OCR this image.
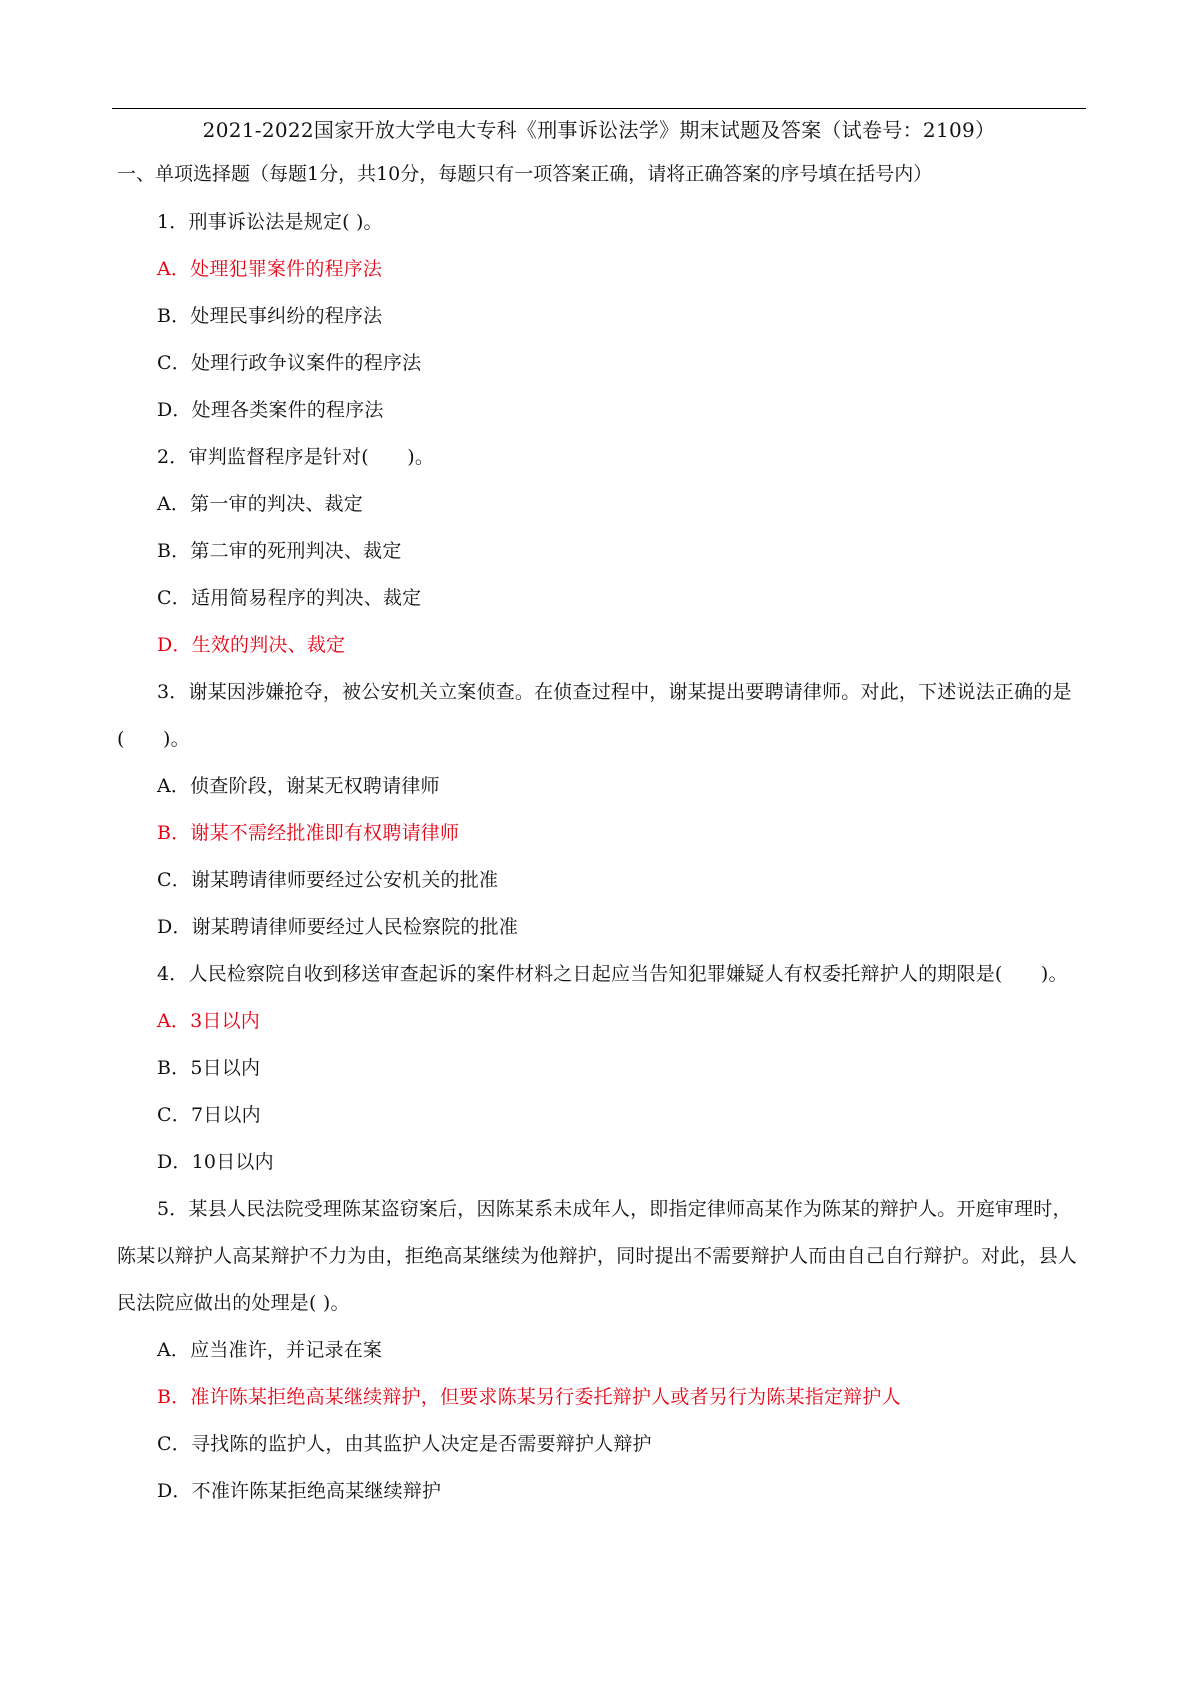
2021-2022国家开放大学电大专科《刑事诉讼法学》期末试题及答案（试卷号：2109）
一、单项选择题（每题1分，共10分，每题只有一项答案正确，请将正确答案的序号填在括号内）

1．刑事诉讼法是规定( )。

A．处理犯罪案件的程序法

B．处理民事纠纷的程序法

C．处理行政争议案件的程序法

D．处理各类案件的程序法

2．审判监督程序是针对(　　)。

A．第一审的判决、裁定

B．第二审的死刑判决、裁定

C．适用简易程序的判决、裁定

D．生效的判决、裁定

3．谢某因涉嫌抢夺，被公安机关立案侦查。在侦查过程中，谢某提出要聘请律师。对此，下述说法正确的是(　　)。

A．侦查阶段，谢某无权聘请律师

B．谢某不需经批准即有权聘请律师

C．谢某聘请律师要经过公安机关的批准

D．谢某聘请律师要经过人民检察院的批准

4．人民检察院自收到移送审查起诉的案件材料之日起应当告知犯罪嫌疑人有权委托辩护人的期限是(　　)。

A．3日以内

B．5日以内

C．7日以内

D．10日以内

5．某县人民法院受理陈某盗窃案后，因陈某系未成年人，即指定律师高某作为陈某的辩护人。开庭审理时，陈某以辩护人高某辩护不力为由，拒绝高某继续为他辩护，同时提出不需要辩护人而由自己自行辩护。对此，县人民法院应做出的处理是( )。

A．应当准许，并记录在案

B．准许陈某拒绝高某继续辩护，但要求陈某另行委托辩护人或者另行为陈某指定辩护人

C．寻找陈的监护人，由其监护人决定是否需要辩护人辩护

D．不准许陈某拒绝高某继续辩护
